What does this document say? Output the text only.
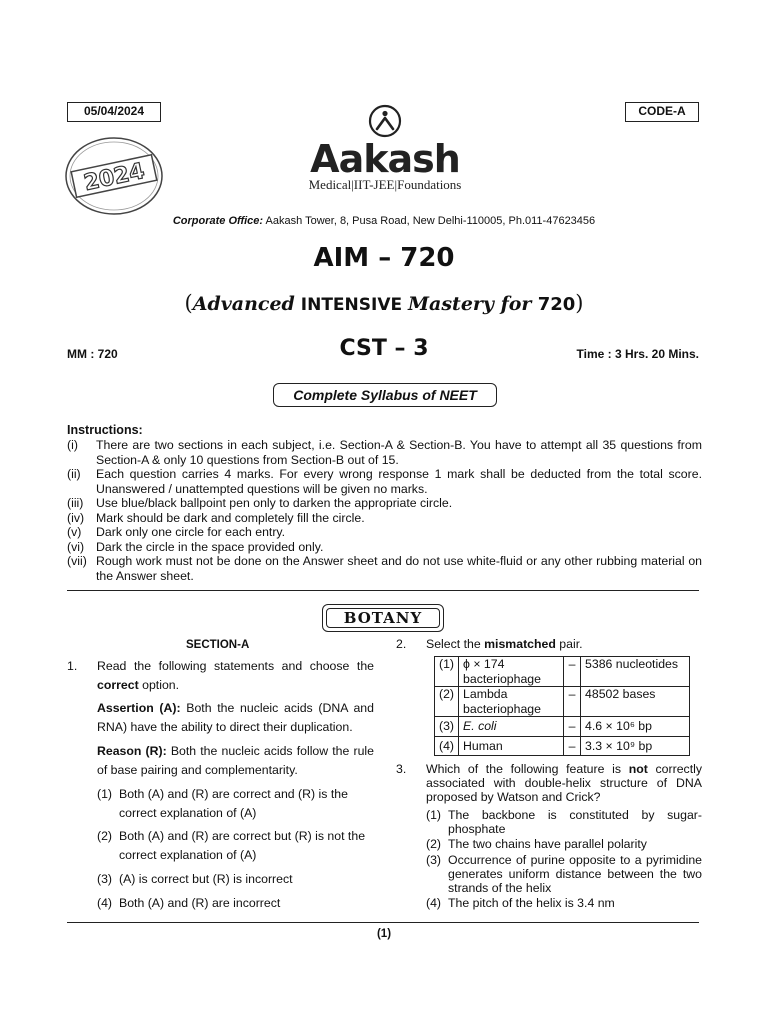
05/04/2024	CODE-A
2024	Aakash
Medical|IIT-JEE|Foundations
Corporate Office: Aakash Tower, 8, Pusa Road, New Delhi-110005, Ph.011-47623456
AIM – 720
(Advanced INTENSIVE Mastery for 720)
MM : 720	CST – 3	Time : 3 Hrs. 20 Mins.
Complete Syllabus of NEET
Instructions:
(i) There are two sections in each subject, i.e. Section-A & Section-B. You have to attempt all 35 questions from Section-A & only 10 questions from Section-B out of 15.
(ii) Each question carries 4 marks. For every wrong response 1 mark shall be deducted from the total score. Unanswered / unattempted questions will be given no marks.
(iii) Use blue/black ballpoint pen only to darken the appropriate circle.
(iv) Mark should be dark and completely fill the circle.
(v) Dark only one circle for each entry.
(vi) Dark the circle in the space provided only.
(vii) Rough work must not be done on the Answer sheet and do not use white-fluid or any other rubbing material on the Answer sheet.
BOTANY
SECTION-A
1. Read the following statements and choose the correct option.
Assertion (A): Both the nucleic acids (DNA and RNA) have the ability to direct their duplication.
Reason (R): Both the nucleic acids follow the rule of base pairing and complementarity.
(1) Both (A) and (R) are correct and (R) is the correct explanation of (A)
(2) Both (A) and (R) are correct but (R) is not the correct explanation of (A)
(3) (A) is correct but (R) is incorrect
(4) Both (A) and (R) are incorrect
2. Select the mismatched pair.
(1)	ϕ × 174 bacteriophage	–	5386 nucleotides
(2)	Lambda bacteriophage	–	48502 bases
(3)	E. coli	–	4.6 × 10⁶ bp
(4)	Human	–	3.3 × 10⁹ bp
3. Which of the following feature is not correctly associated with double-helix structure of DNA proposed by Watson and Crick?
(1) The backbone is constituted by sugar-phosphate
(2) The two chains have parallel polarity
(3) Occurrence of purine opposite to a pyrimidine generates uniform distance between the two strands of the helix
(4) The pitch of the helix is 3.4 nm
(1)
